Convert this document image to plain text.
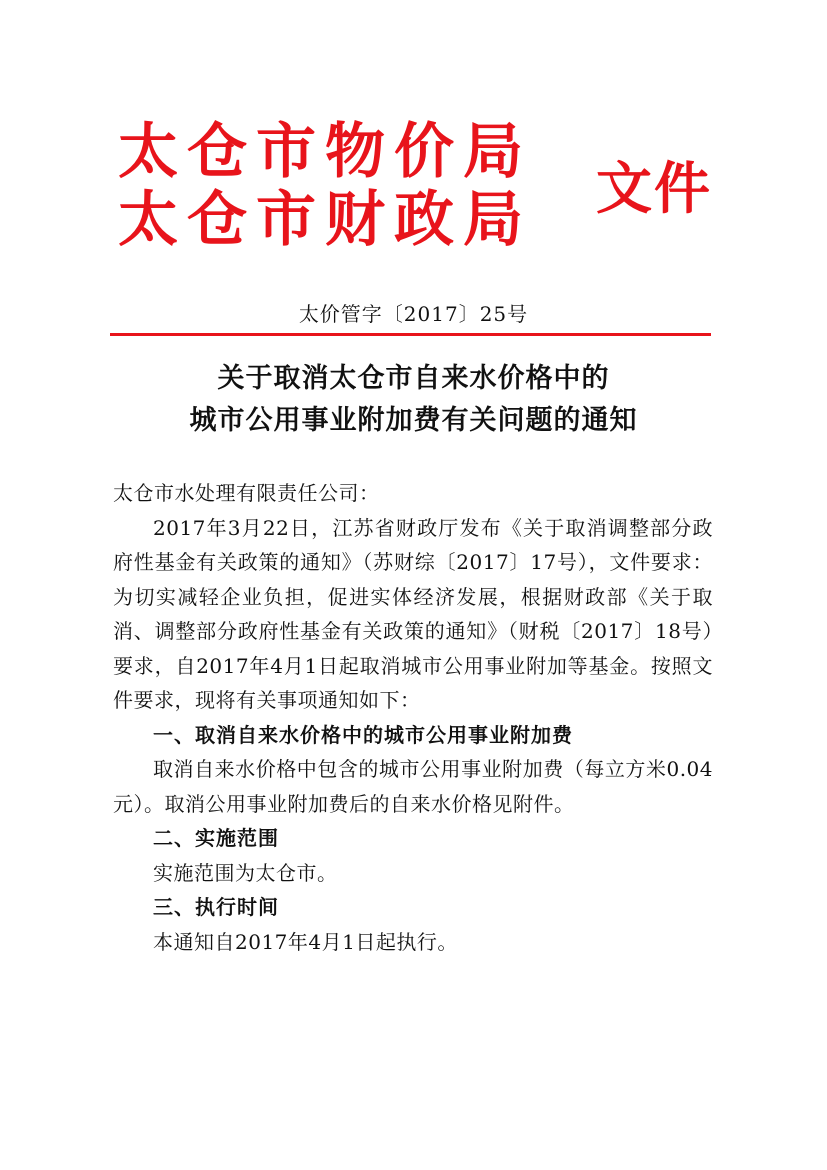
太仓市物价局
太仓市财政局 文件
太价管字〔2017〕25号
关于取消太仓市自来水价格中的
城市公用事业附加费有关问题的通知

太仓市水处理有限责任公司：

2017年3月22日，江苏省财政厅发布《关于取消调整部分政府性基金有关政策的通知》（苏财综〔2017〕17号），文件要求：为切实减轻企业负担，促进实体经济发展，根据财政部《关于取消、调整部分政府性基金有关政策的通知》（财税〔2017〕18号）要求，自2017年4月1日起取消城市公用事业附加等基金。按照文件要求，现将有关事项通知如下：

一、取消自来水价格中的城市公用事业附加费

取消自来水价格中包含的城市公用事业附加费（每立方米0.04元）。取消公用事业附加费后的自来水价格见附件。

二、实施范围

实施范围为太仓市。

三、执行时间

本通知自2017年4月1日起执行。
